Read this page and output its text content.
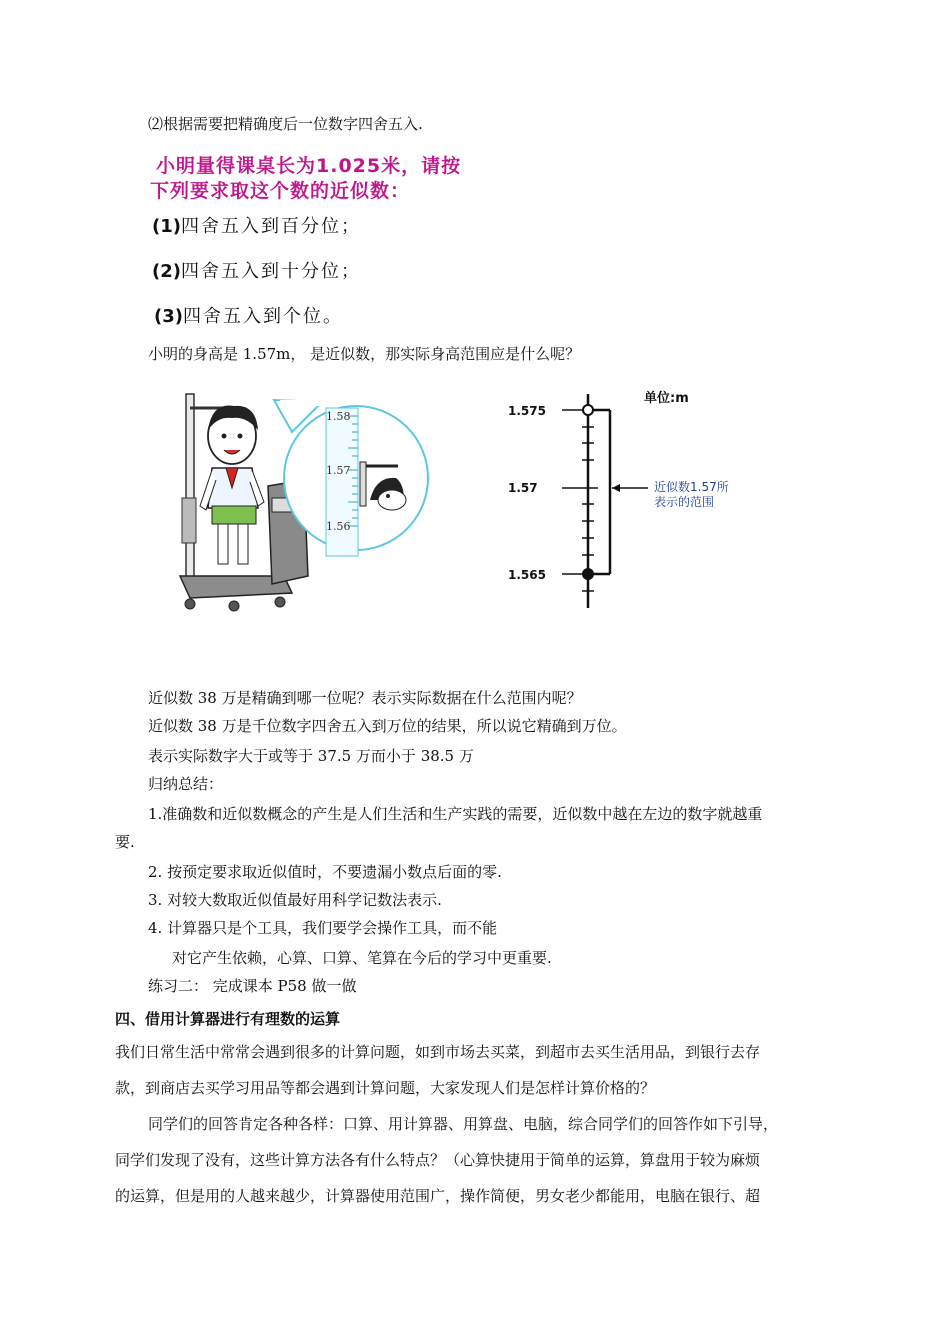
⑵根据需要把精确度后一位数字四舍五入.
小明量得课桌长为1.025米，请按
下列要求取这个数的近似数：
(1)四舍五入到百分位；
(2)四舍五入到十分位；
(3)四舍五入到个位。
小明的身高是 1.57m， 是近似数，那实际身高范围应是什么呢？
1.58
1.57
1.56
单位:m
1.575
1.57
1.565
近似数1.57所
表示的范围
近似数 38 万是精确到哪一位呢？表示实际数据在什么范围内呢？
近似数 38 万是千位数字四舍五入到万位的结果，所以说它精确到万位。
表示实际数字大于或等于 37.5 万而小于 38.5 万
归纳总结：
1.准确数和近似数概念的产生是人们生活和生产实践的需要，近似数中越在左边的数字就越重
要.
2. 按预定要求取近似值时，不要遗漏小数点后面的零.
3. 对较大数取近似值最好用科学记数法表示.
4. 计算器只是个工具，我们要学会操作工具，而不能
对它产生依赖，心算、口算、笔算在今后的学习中更重要.
练习二： 完成课本 P58 做一做
四、借用计算器进行有理数的运算
我们日常生活中常常会遇到很多的计算问题，如到市场去买菜，到超市去买生活用品，到银行去存
款，到商店去买学习用品等都会遇到计算问题，大家发现人们是怎样计算价格的？
同学们的回答肯定各种各样：口算、用计算器、用算盘、电脑，综合同学们的回答作如下引导，
同学们发现了没有，这些计算方法各有什么特点？（心算快捷用于简单的运算，算盘用于较为麻烦
的运算，但是用的人越来越少，计算器使用范围广，操作简便，男女老少都能用，电脑在银行、超
